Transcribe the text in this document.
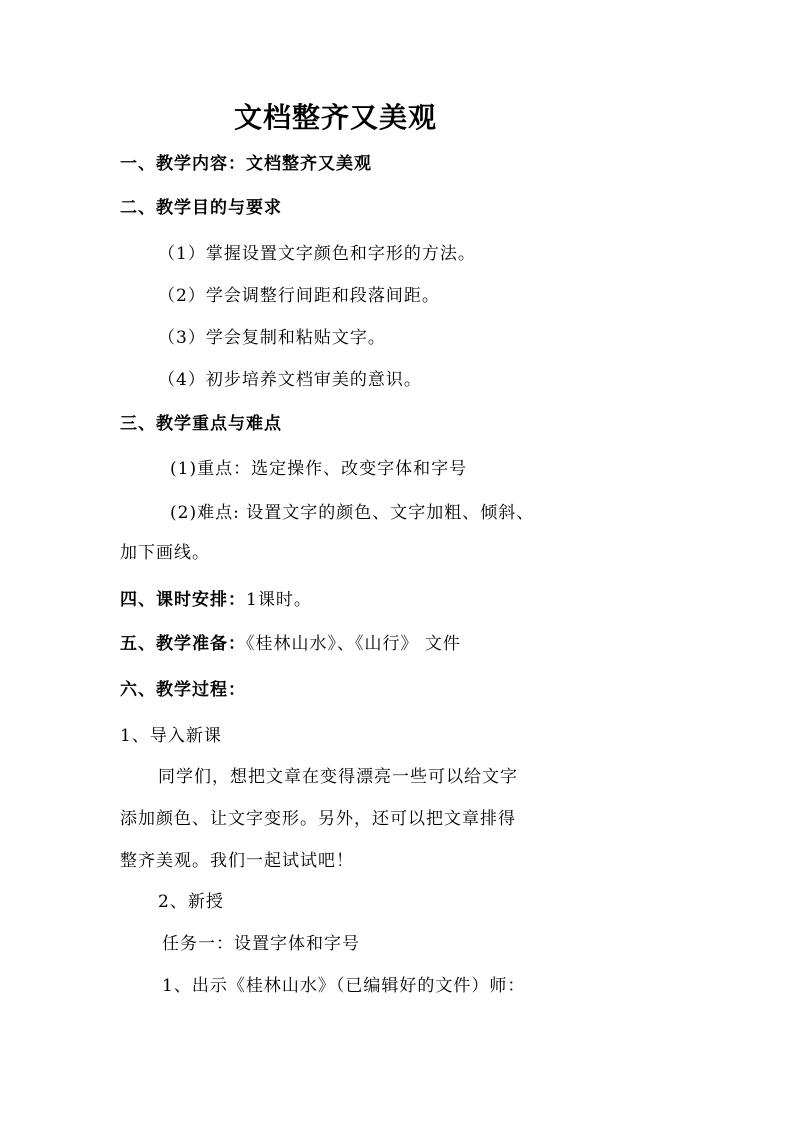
文档整齐又美观
一、教学内容：文档整齐又美观
二、教学目的与要求
（1）掌握设置文字颜色和字形的方法。
（2）学会调整行间距和段落间距。
（3）学会复制和粘贴文字。
（4）初步培养文档审美的意识。
三、教学重点与难点
(1)重点：选定操作、改变字体和字号
(2)难点: 设置文字的颜色、文字加粗、倾斜、
加下画线。
四、课时安排：1课时。
五、教学准备：《桂林山水》、《山行》 文件
六、教学过程：
1、导入新课
同学们，想把文章在变得漂亮一些可以给文字
添加颜色、让文字变形。另外，还可以把文章排得
整齐美观。我们一起试试吧！
2、新授
任务一：设置字体和字号
1、出示《桂林山水》（已编辑好的文件）师：
